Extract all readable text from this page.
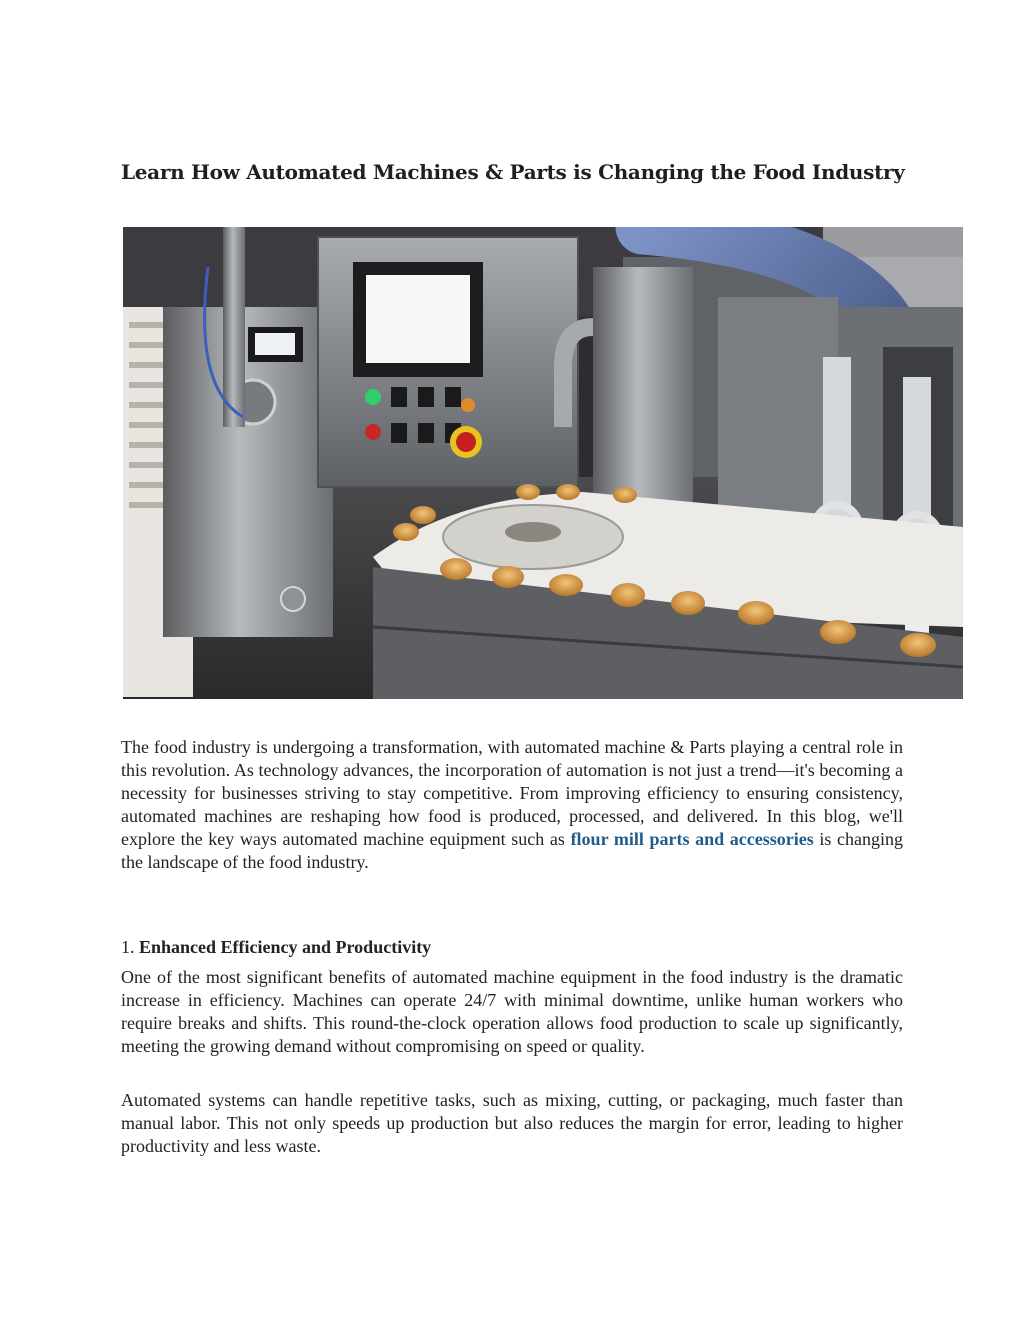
Learn How Automated Machines & Parts is Changing the Food Industry

The food industry is undergoing a transformation, with automated machine & Parts playing a central role in this revolution. As technology advances, the incorporation of automation is not just a trend—it's becoming a necessity for businesses striving to stay competitive. From improving efficiency to ensuring consistency, automated machines are reshaping how food is produced, processed, and delivered. In this blog, we'll explore the key ways automated machine equipment such as flour mill parts and accessories is changing the landscape of the food industry.

1. Enhanced Efficiency and Productivity

One of the most significant benefits of automated machine equipment in the food industry is the dramatic increase in efficiency. Machines can operate 24/7 with minimal downtime, unlike human workers who require breaks and shifts. This round-the-clock operation allows food production to scale up significantly, meeting the growing demand without compromising on speed or quality.

Automated systems can handle repetitive tasks, such as mixing, cutting, or packaging, much faster than manual labor. This not only speeds up production but also reduces the margin for error, leading to higher productivity and less waste.
